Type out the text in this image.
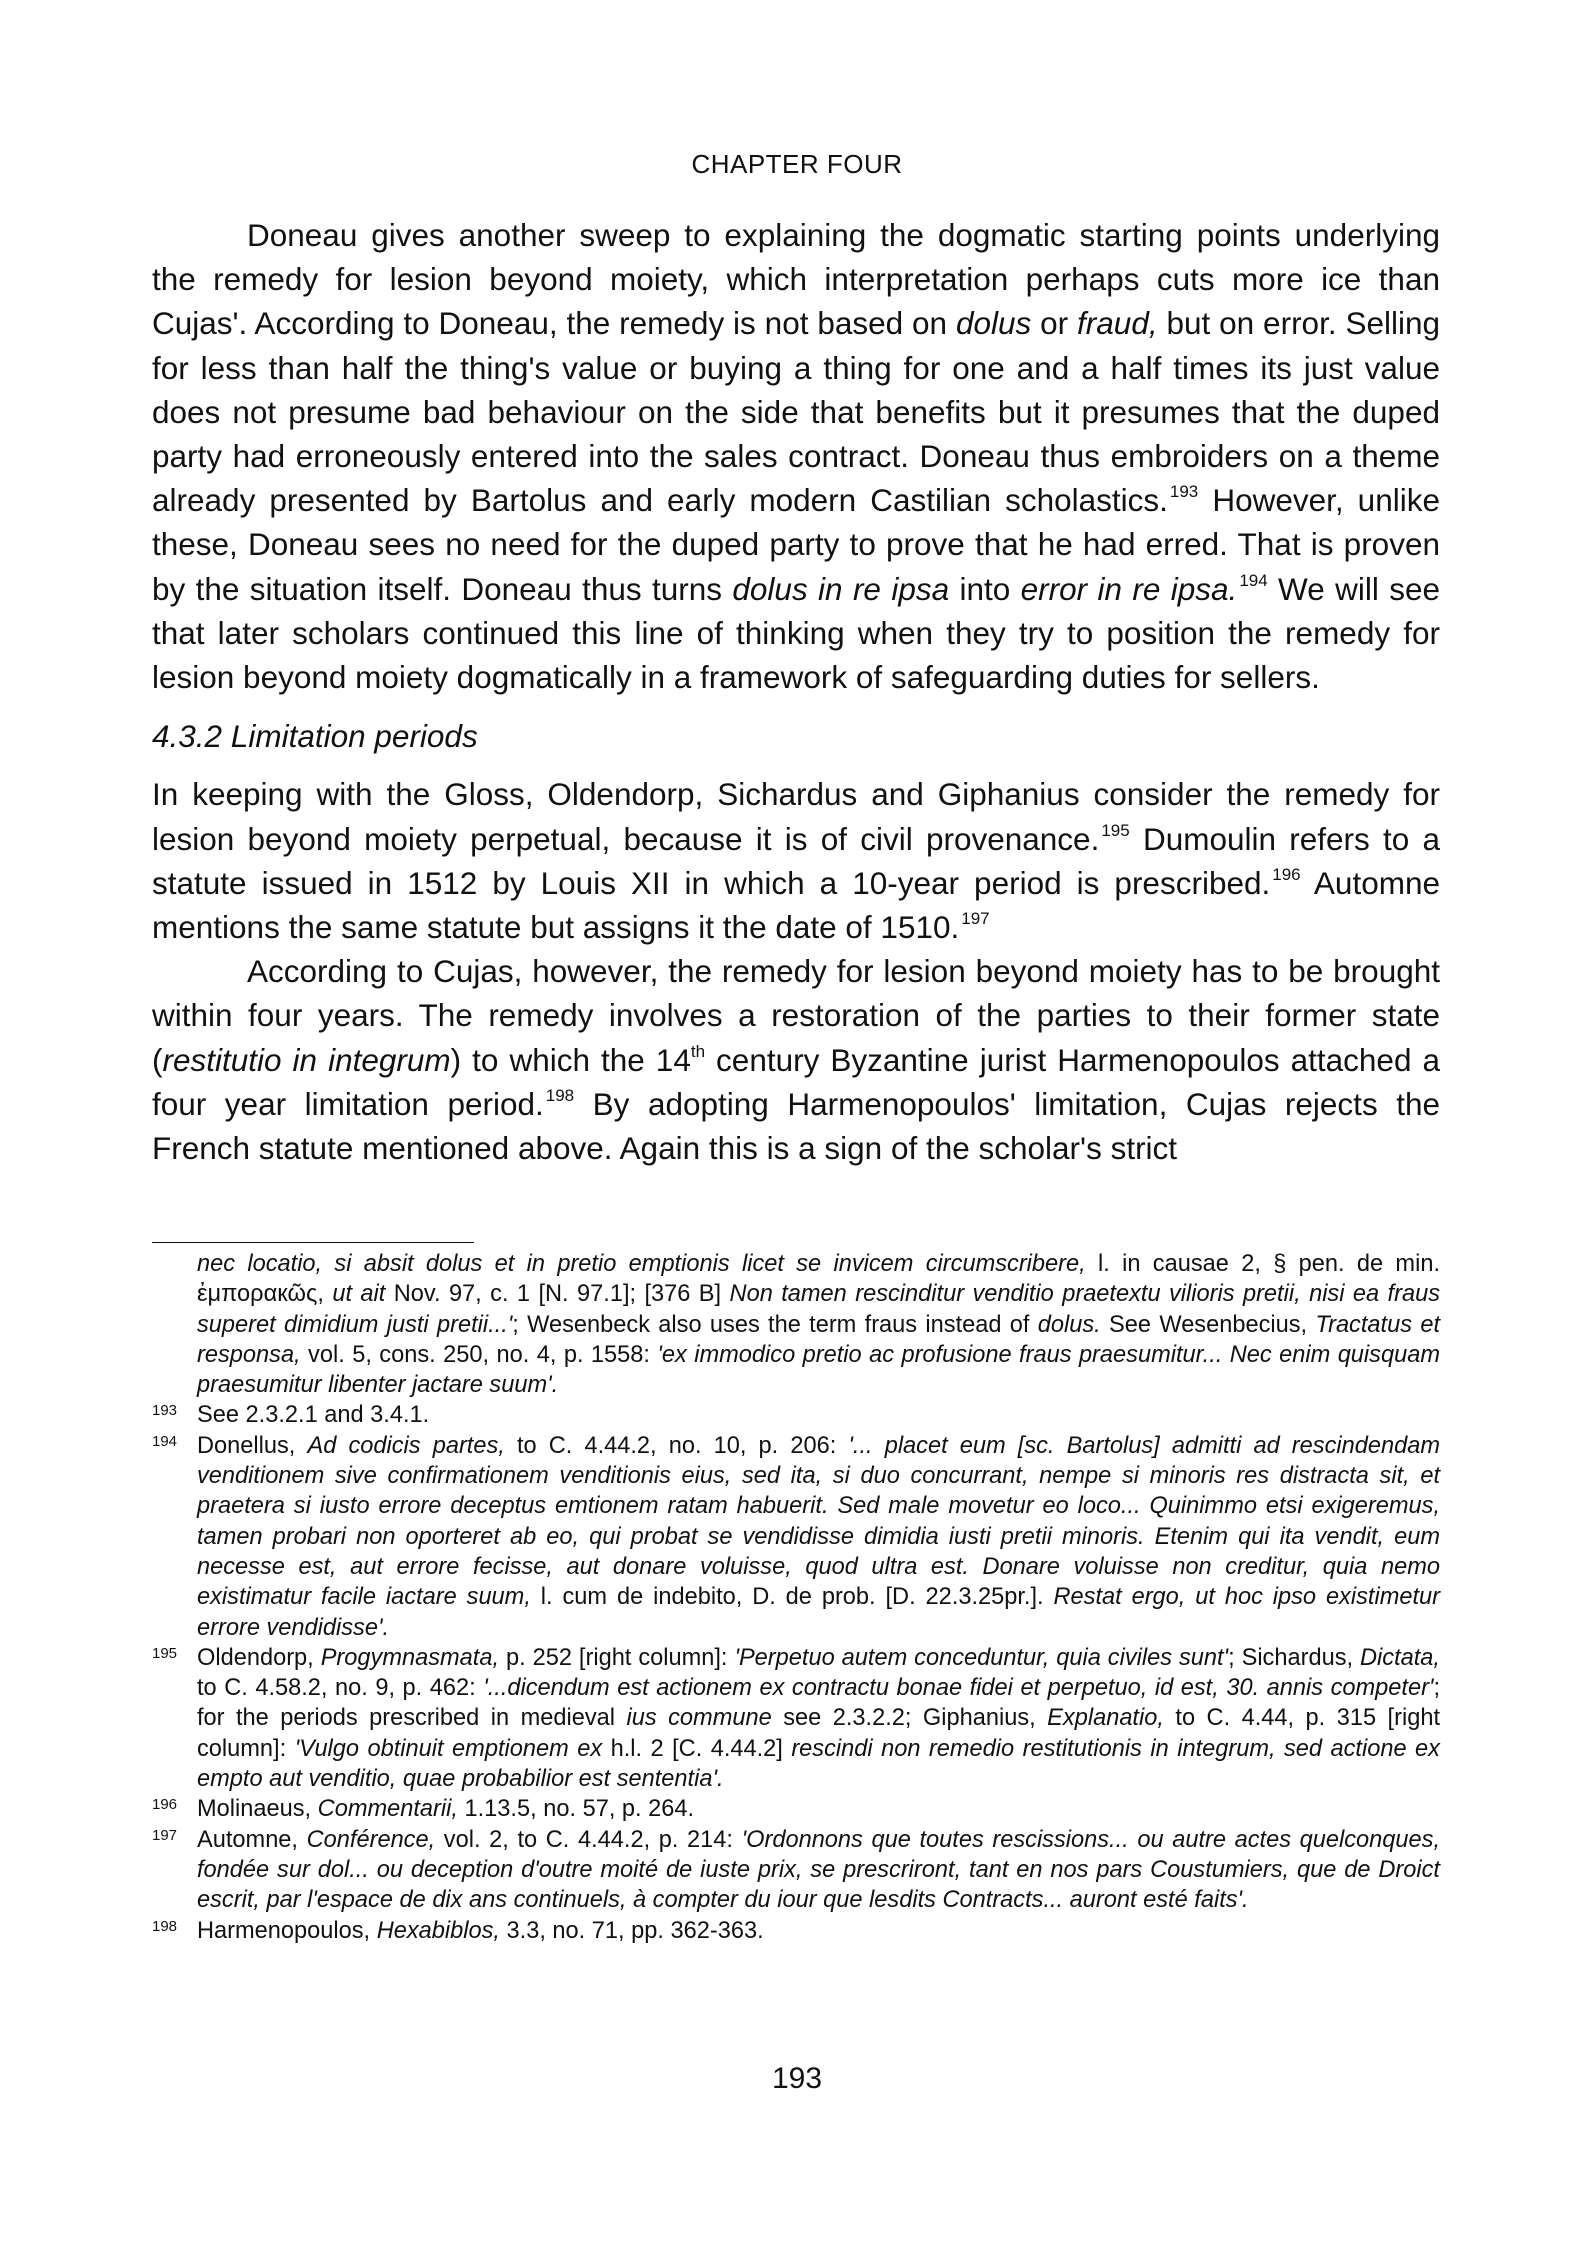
CHAPTER FOUR

Doneau gives another sweep to explaining the dogmatic starting points underlying the remedy for lesion beyond moiety, which interpretation perhaps cuts more ice than Cujas'. According to Doneau, the remedy is not based on dolus or fraud, but on error. Selling for less than half the thing's value or buying a thing for one and a half times its just value does not presume bad behaviour on the side that benefits but it presumes that the duped party had erroneously entered into the sales contract. Doneau thus embroiders on a theme already presented by Bartolus and early modern Castilian scholastics. $^{193}$ However, unlike these, Doneau sees no need for the duped party to prove that he had erred. That is proven by the situation itself. Doneau thus turns dolus in re ipsa into error in re ipsa. $^{194}$ We will see that later scholars continued this line of thinking when they try to position the remedy for lesion beyond moiety dogmatically in a framework of safeguarding duties for sellers.

4.3.2 Limitation periods

In keeping with the Gloss, Oldendorp, Sichardus and Giphanius consider the remedy for lesion beyond moiety perpetual, because it is of civil provenance. $^{195}$ Dumoulin refers to a statute issued in 1512 by Louis XII in which a 10-year period is prescribed. $^{196}$ Automne mentions the same statute but assigns it the date of 1510. $^{197}$

According to Cujas, however, the remedy for lesion beyond moiety has to be brought within four years. The remedy involves a restoration of the parties to their former state (restitutio in integrum) to which the 14th century Byzantine jurist Harmenopoulos attached a four year limitation period. $^{198}$ By adopting Harmenopoulos' limitation, Cujas rejects the French statute mentioned above. Again this is a sign of the scholar's strict

nec locatio, si absit dolus et in pretio emptionis licet se invicem circumscribere, l. in causae 2, § pen. de min. ἐμποραкῶς, ut ait Nov. 97, c. 1 [N. 97.1]; [376 B] Non tamen rescinditur venditio praetextu vilioris pretii, nisi ea fraus superet dimidium justi pretii...'; Wesenbeck also uses the term fraus instead of dolus. See Wesenbecius, Tractatus et responsa, vol. 5, cons. 250, no. 4, p. 1558: 'ex immodico pretio ac profusione fraus praesumitur... Nec enim quisquam praesumitur libenter jactare suum'.

193 See 2.3.2.1 and 3.4.1.

194 Donellus, Ad codicis partes, to C. 4.44.2, no. 10, p. 206: '... placet eum [sc. Bartolus] admitti ad rescindendam venditionem sive confirmationem venditionis eius, sed ita, si duo concurrant, nempe si minoris res distracta sit, et praetera si iusto errore deceptus emtionem ratam habuerit. Sed male movetur eo loco... Quinimmo etsi exigeremus, tamen probari non oporteret ab eo, qui probat se vendidisse dimidia iusti pretii minoris. Etenim qui ita vendit, eum necesse est, aut errore fecisse, aut donare voluisse, quod ultra est. Donare voluisse non creditur, quia nemo existimatur facile iactare suum, l. cum de indebito, D. de prob. [D. 22.3.25pr.]. Restat ergo, ut hoc ipso existimetur errore vendidisse'.

195 Oldendorp, Progymnasmata, p. 252 [right column]: 'Perpetuo autem conceduntur, quia civiles sunt'; Sichardus, Dictata, to C. 4.58.2, no. 9, p. 462: '...dicendum est actionem ex contractu bonae fidei et perpetuo, id est, 30. annis competer'; for the periods prescribed in medieval ius commune see 2.3.2.2; Giphanius, Explanatio, to C. 4.44, p. 315 [right column]: 'Vulgo obtinuit emptionem ex h.l. 2 [C. 4.44.2] rescindi non remedio restitutionis in integrum, sed actione ex empto aut venditio, quae probabilior est sententia'.

196 Molinaeus, Commentarii, 1.13.5, no. 57, p. 264.

197 Automne, Conférence, vol. 2, to C. 4.44.2, p. 214: 'Ordonnons que toutes rescissions... ou autre actes quelconques, fondée sur dol... ou deception d'outre moité de iuste prix, se prescriront, tant en nos pars Coustumiers, que de Droict escrit, par l'espace de dix ans continuels, à compter du iour que lesdits Contracts... auront esté faits'.

198 Harmenopoulos, Hexabiblos, 3.3, no. 71, pp. 362-363.

193
